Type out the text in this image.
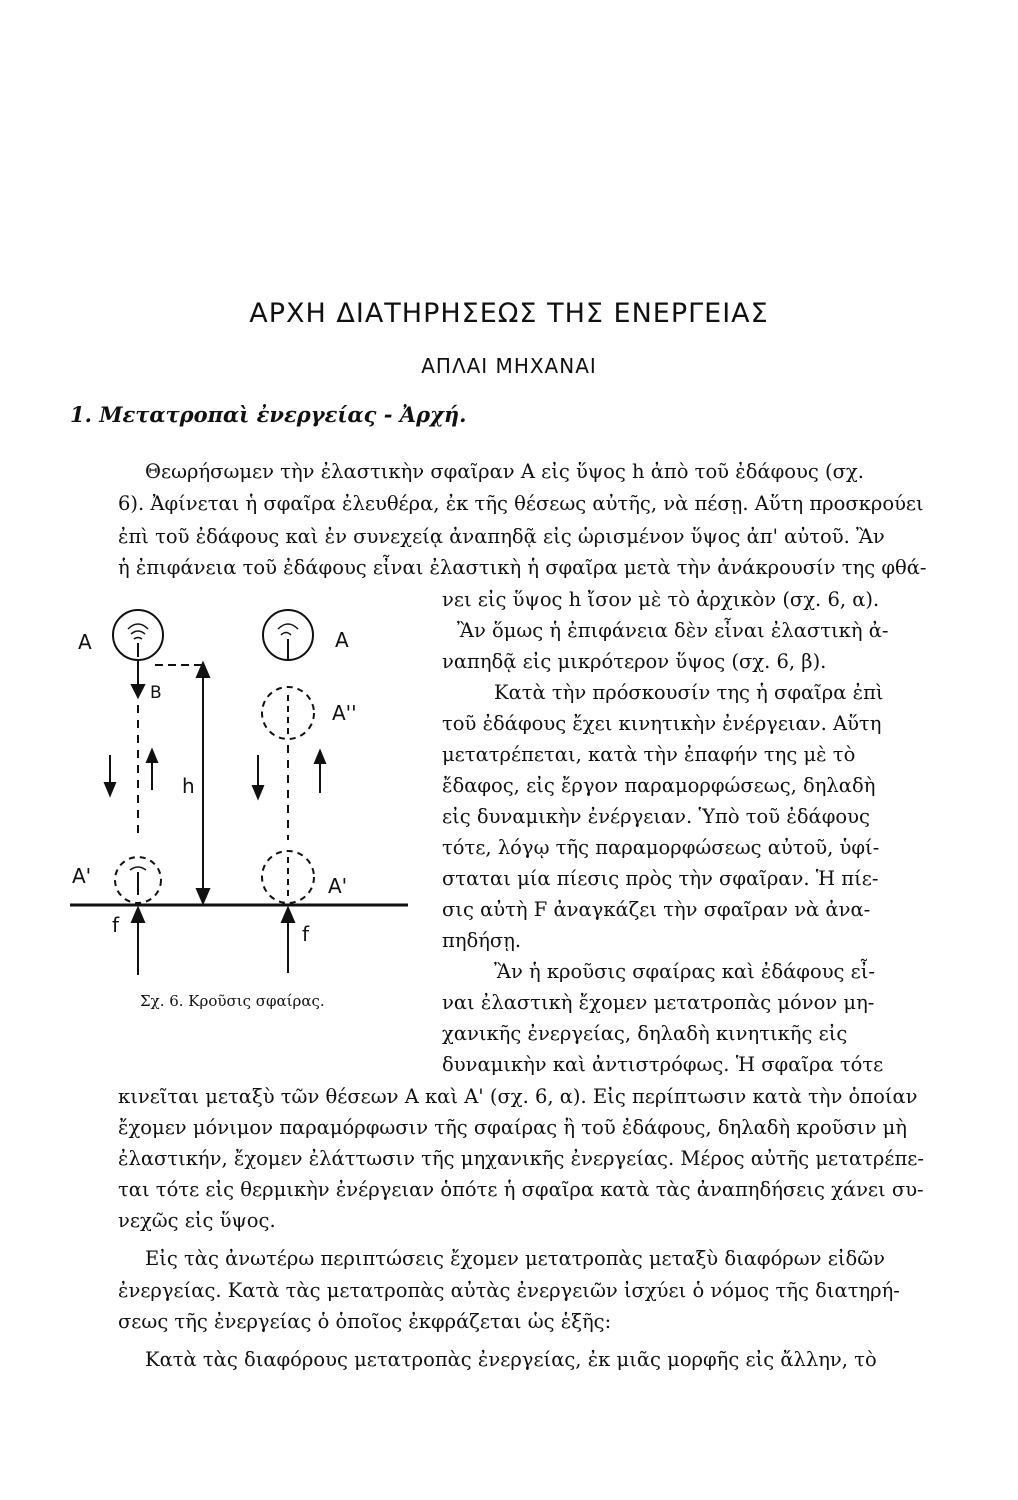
ΑΡΧΗ ΔΙΑΤΗΡΗΣΕΩΣ ΤΗΣ ΕΝΕΡΓΕΙΑΣ
ΑΠΛΑΙ ΜΗΧΑΝΑΙ
1. Μετατροπαὶ ἐνεργείας - Ἀρχή.
Θεωρήσωμεν τὴν ἐλαστικὴν σφαῖραν Α εἰς ὕψος h ἀπὸ τοῦ ἐδάφους (σχ.
6). Ἀφίνεται ἡ σφαῖρα ἐλευθέρα, ἐκ τῆς θέσεως αὐτῆς, νὰ πέσῃ. Αὕτη προσκρούει
ἐπὶ τοῦ ἐδάφους καὶ ἐν συνεχείᾳ ἀναπηδᾷ εἰς ὡρισμένον ὕψος ἀπ' αὐτοῦ. Ἂν
ἡ ἐπιφάνεια τοῦ ἐδάφους εἶναι ἐλαστικὴ ἡ σφαῖρα μετὰ τὴν ἀνάκρουσίν της φθά-
νει εἰς ὕψος h ἴσον μὲ τὸ ἀρχικὸν (σχ. 6, α).
Ἂν ὅμως ἡ ἐπιφάνεια δὲν εἶναι ἐλαστικὴ ἀ-
ναπηδᾷ εἰς μικρότερον ὕψος (σχ. 6, β).
Κατὰ τὴν πρόσκουσίν της ἡ σφαῖρα ἐπὶ
τοῦ ἐδάφους ἔχει κινητικὴν ἐνέργειαν. Αὕτη
μετατρέπεται, κατὰ τὴν ἐπαφήν της μὲ τὸ
ἔδαφος, εἰς ἔργον παραμορφώσεως, δηλαδὴ
εἰς δυναμικὴν ἐνέργειαν. Ὑπὸ τοῦ ἐδάφους
τότε, λόγῳ τῆς παραμορφώσεως αὐτοῦ, ὑφί-
σταται μία πίεσις πρὸς τὴν σφαῖραν. Ἡ πίε-
σις αὐτὴ F ἀναγκάζει τὴν σφαῖραν νὰ ἀνα-
πηδήσῃ.
Ἂν ἡ κροῦσις σφαίρας καὶ ἐδάφους εἶ-
ναι ἐλαστικὴ ἔχομεν μετατροπὰς μόνον μη-
χανικῆς ἐνεργείας, δηλαδὴ κινητικῆς εἰς
δυναμικὴν καὶ ἀντιστρόφως. Ἡ σφαῖρα τότε
κινεῖται μεταξὺ τῶν θέσεων Α καὶ Α' (σχ. 6, α). Εἰς περίπτωσιν κατὰ τὴν ὁποίαν
ἔχομεν μόνιμον παραμόρφωσιν τῆς σφαίρας ἢ τοῦ ἐδάφους, δηλαδὴ κροῦσιν μὴ
ἐλαστικήν, ἔχομεν ἐλάττωσιν τῆς μηχανικῆς ἐνεργείας. Μέρος αὐτῆς μετατρέπε-
ται τότε εἰς θερμικὴν ἐνέργειαν ὁπότε ἡ σφαῖρα κατὰ τὰς ἀναπηδήσεις χάνει συ-
νεχῶς εἰς ὕψος.
Εἰς τὰς ἀνωτέρω περιπτώσεις ἔχομεν μετατροπὰς μεταξὺ διαφόρων εἰδῶν
ἐνεργείας. Κατὰ τὰς μετατροπὰς αὐτὰς ἐνεργειῶν ἰσχύει ὁ νόμος τῆς διατηρή-
σεως τῆς ἐνεργείας ὁ ὁποῖος ἐκφράζεται ὡς ἑξῆς:
Κατὰ τὰς διαφόρους μετατροπὰς ἐνεργείας, ἐκ μιᾶς μορφῆς εἰς ἄλλην, τὸ
A
B
h
A'
f
A
A''
A'
f
Σχ. 6. Κροῦσις σφαίρας.
